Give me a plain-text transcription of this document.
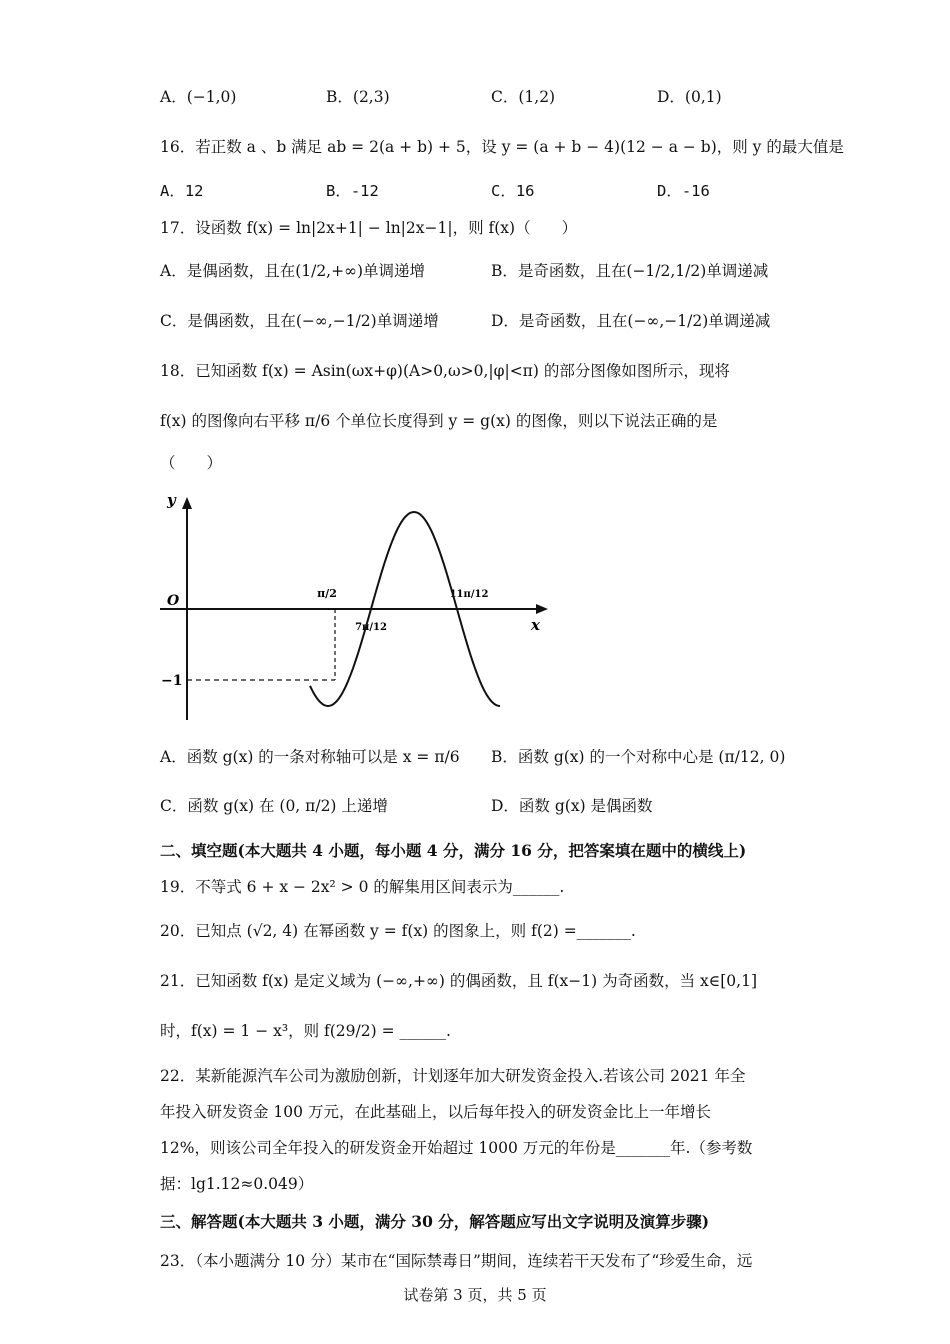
A．(−1,0)	B．(2,3)	C．(1,2)	D．(0,1)
16．若正数 a 、b 满足 ab = 2(a + b) + 5，设 y = (a + b − 4)(12 − a − b)，则 y 的最大值是
A．12	B．-12	C．16	D．-16
17．设函数 f(x) = ln|2x+1| − ln|2x−1|，则 f(x)（　　）
A．是偶函数，且在(1/2,+∞)单调递增	B．是奇函数，且在(−1/2,1/2)单调递减
C．是偶函数，且在(−∞,−1/2)单调递增	D．是奇函数，且在(−∞,−1/2)单调递减
18．已知函数 f(x) = Asin(ωx+φ)(A>0,ω>0,|φ|<π) 的部分图像如图所示，现将
f(x) 的图像向右平移 π/6 个单位长度得到 y = g(x) 的图像，则以下说法正确的是
（　　）
y
x
O
−1
π/2
7π/12
11π/12
A．函数 g(x) 的一条对称轴可以是 x = π/6 B．函数 g(x) 的一个对称中心是 (π/12, 0)
C．函数 g(x) 在 (0, π/2) 上递增	D．函数 g(x) 是偶函数
二、填空题(本大题共 4 小题，每小题 4 分，满分 16 分，把答案填在题中的横线上)
19．不等式 6 + x − 2x² > 0 的解集用区间表示为______.
20．已知点 (√2, 4) 在幂函数 y = f(x) 的图象上，则 f(2) =_______.
21．已知函数 f(x) 是定义域为 (−∞,+∞) 的偶函数，且 f(x−1) 为奇函数，当 x∈[0,1]
时，f(x) = 1 − x³，则 f(29/2) = ______.
22．某新能源汽车公司为激励创新，计划逐年加大研发资金投入.若该公司 2021 年全
年投入研发资金 100 万元，在此基础上，以后每年投入的研发资金比上一年增长
12%，则该公司全年投入的研发资金开始超过 1000 万元的年份是_______年.（参考数
据：lg1.12≈0.049）
三、解答题(本大题共 3 小题，满分 30 分，解答题应写出文字说明及演算步骤)
23．（本小题满分 10 分）某市在“国际禁毒日”期间，连续若干天发布了“珍爱生命，远
试卷第 3 页，共 5 页
